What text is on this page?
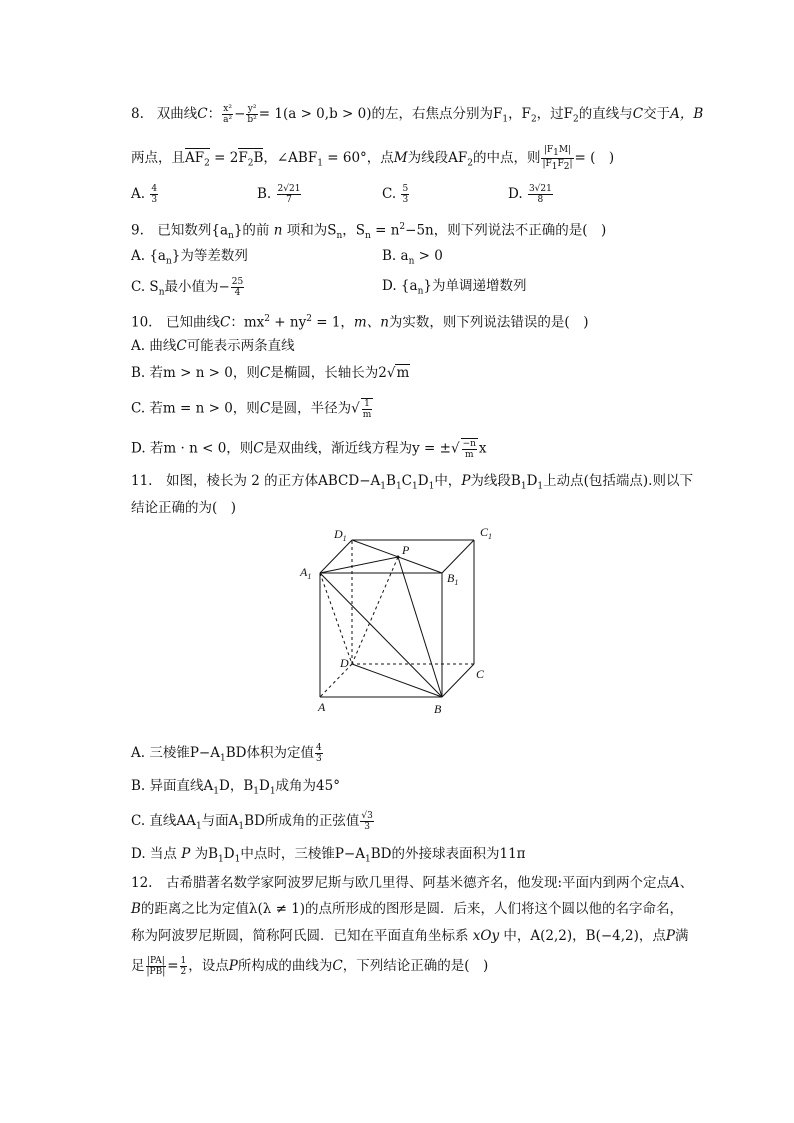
8. 双曲线C： $\frac{\text{x²}}{\text{a²}} - \frac{\text{y²}}{\text{b²}} = 1(a > 0,b > 0)$的左，右焦点分别为$F_1$，$F_2$，过$F_2$的直线与C交于A，B
两点，且$AF_2 = 2F_2B$，$\angle ABF_1 = 60^\circ$，点M为线段$AF_2$的中点，则 $\frac{|F_1M|}{|F_1F_2|}$ = (　)
A. $\frac{4}{3}$	B. $\frac{2√21}{7}$	C. $\frac{5}{3}$	D. $\frac{3√21}{8}$
9.　已知数列$\{a_n\}$的前 n 项和为$S_n$，$S_n = n^2-5n$，则下列说法不正确的是(　)
A. $\{a_n\}$为等差数列	B. $a_n > 0$
C. $S_n$最小值为− $\frac{25}{4}$	D. $\{a_n\}$为单调递增数列
10.　已知曲线C：$mx^2 + ny^2 = 1$，m、n为实数，则下列说法错误的是(　)
A. 曲线C可能表示两条直线
B. 若m > n > 0，则C是椭圆，长轴长为2√m
C. 若m = n > 0，则C是圆，半径为√ $\frac{1}{m}$
D. 若m · n < 0，则C是双曲线，渐近线方程为y = ±√ $\frac{-n}{m}$ x
11.　如图，棱长为 2 的正方体$ABCD-A_1B_1C_1D_1$中，P为线段$B_1D_1$上动点(包括端点).则以下
结论正确的为(　)
$D_1$	$C_1$
$A_1$	$B_1$
P
D
C
A	B
A. 三棱锥$P-A_1BD$体积为定值 $\frac{4}{3}$
B. 异面直线$A_1D$，$B_1D_1$成角为45°
C. 直线$AA_1$与面$A_1BD$所成角的正弦值 $\frac{√3}{3}$
D. 当点 P 为$B_1D_1$中点时，三棱锥$P-A_1BD$的外接球表面积为11π
12.　古希腊著名数学家阿波罗尼斯与欧几里得、阿基米德齐名，他发现:平面内到两个定点A、
B的距离之比为定值λ(λ ≠ 1)的点所形成的图形是圆．后来，人们将这个圆以他的名字命名，
称为阿波罗尼斯圆，简称阿氏圆．已知在平面直角坐标系 xOy 中，A(2,2)，B(−4,2)，点P满
足 $\frac{|PA|}{|PB|} = \frac{1}{2}$ ，设点P所构成的曲线为C，下列结论正确的是(　)
